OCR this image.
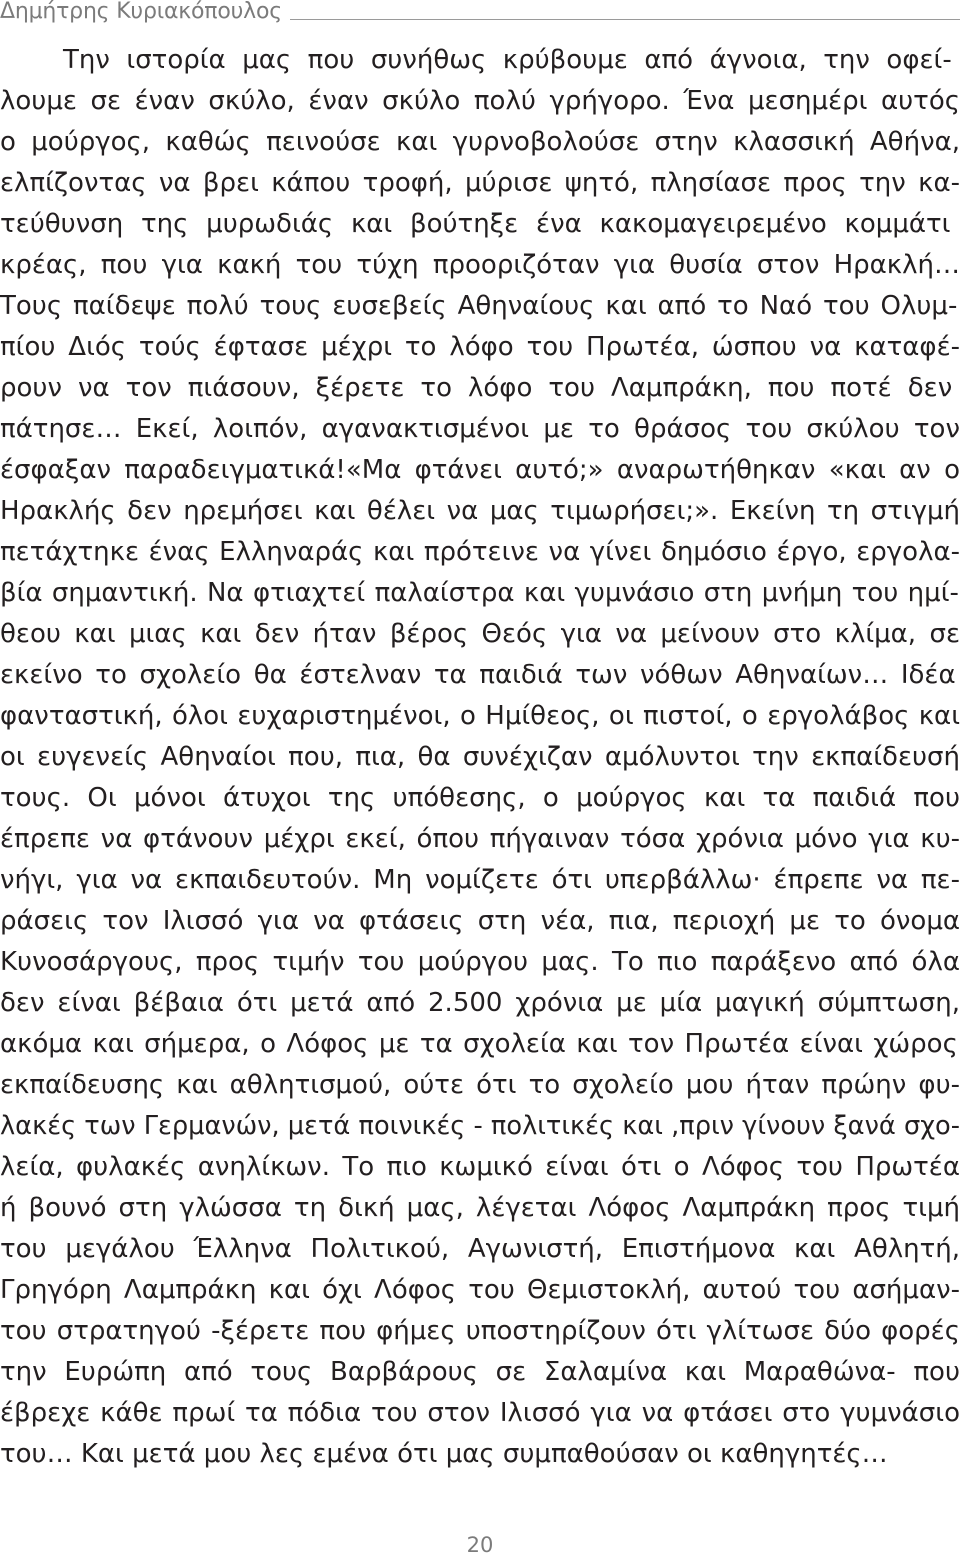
Δημήτρης Κυριακόπουλος
Την ιστορία μας που συνήθως κρύβουμε από άγνοια, την οφεί-
λουμε σε έναν σκύλο, έναν σκύλο πολύ γρήγορο. Ένα μεσημέρι αυτός
ο μούργος, καθώς πεινούσε και γυρνοβολούσε στην κλασσική Αθήνα,
ελπίζοντας να βρει κάπου τροφή, μύρισε ψητό, πλησίασε προς την κα-
τεύθυνση της μυρωδιάς και βούτηξε ένα κακομαγειρεμένο κομμάτι
κρέας, που για κακή του τύχη προοριζόταν για θυσία στον Ηρακλή…
Τους παίδεψε πολύ τους ευσεβείς Αθηναίους και από το Ναό του Ολυμ-
πίου Διός τούς έφτασε μέχρι το λόφο του Πρωτέα, ώσπου να καταφέ-
ρουν να τον πιάσουν, ξέρετε το λόφο του Λαμπράκη, που ποτέ δεν
πάτησε… Εκεί, λοιπόν, αγανακτισμένοι με το θράσος του σκύλου τον
έσφαξαν παραδειγματικά!«Μα φτάνει αυτό;» αναρωτήθηκαν «και αν ο
Ηρακλής δεν ηρεμήσει και θέλει να μας τιμωρήσει;». Εκείνη τη στιγμή
πετάχτηκε ένας Ελληναράς και πρότεινε να γίνει δημόσιο έργο, εργολα-
βία σημαντική. Να φτιαχτεί παλαίστρα και γυμνάσιο στη μνήμη του ημί-
θεου και μιας και δεν ήταν βέρος Θεός για να μείνουν στο κλίμα, σε
εκείνο το σχολείο θα έστελναν τα παιδιά των νόθων Αθηναίων… Ιδέα
φανταστική, όλοι ευχαριστημένοι, ο Ημίθεος, οι πιστοί, ο εργολάβος και
οι ευγενείς Αθηναίοι που, πια, θα συνέχιζαν αμόλυντοι την εκπαίδευσή
τους. Οι μόνοι άτυχοι της υπόθεσης, ο μούργος και τα παιδιά που
έπρεπε να φτάνουν μέχρι εκεί, όπου πήγαιναν τόσα χρόνια μόνο για κυ-
νήγι, για να εκπαιδευτούν. Μη νομίζετε ότι υπερβάλλω· έπρεπε να πε-
ράσεις τον Ιλισσό για να φτάσεις στη νέα, πια, περιοχή με το όνομα
Κυνοσάργους, προς τιμήν του μούργου μας. Το πιο παράξενο από όλα
δεν είναι βέβαια ότι μετά από 2.500 χρόνια με μία μαγική σύμπτωση,
ακόμα και σήμερα, ο Λόφος με τα σχολεία και τον Πρωτέα είναι χώρος
εκπαίδευσης και αθλητισμού, ούτε ότι το σχολείο μου ήταν πρώην φυ-
λακές των Γερμανών, μετά ποινικές - πολιτικές και ,πριν γίνουν ξανά σχο-
λεία, φυλακές ανηλίκων. Το πιο κωμικό είναι ότι ο Λόφος του Πρωτέα
ή βουνό στη γλώσσα τη δική μας, λέγεται Λόφος Λαμπράκη προς τιμή
του μεγάλου Έλληνα Πολιτικού, Αγωνιστή, Επιστήμονα και Αθλητή,
Γρηγόρη Λαμπράκη και όχι Λόφος του Θεμιστοκλή, αυτού του ασήμαν-
του στρατηγού -ξέρετε που φήμες υποστηρίζουν ότι γλίτωσε δύο φορές
την Ευρώπη από τους Βαρβάρους σε Σαλαμίνα και Μαραθώνα- που
έβρεχε κάθε πρωί τα πόδια του στον Ιλισσό για να φτάσει στο γυμνάσιο
του… Και μετά μου λες εμένα ότι μας συμπαθούσαν οι καθηγητές…
20
